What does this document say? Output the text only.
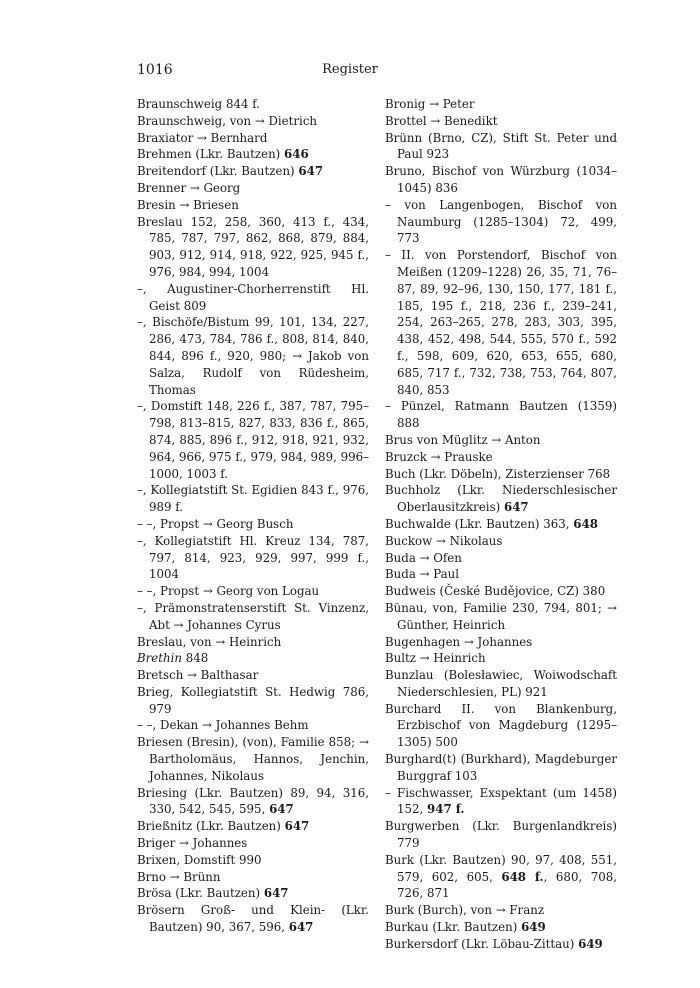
1016	Register

Braunschweig 844 f.

Braunschweig, von → Dietrich

Braxiator → Bernhard

Brehmen (Lkr. Bautzen) 646

Breitendorf (Lkr. Bautzen) 647

Brenner → Georg

Bresin → Briesen

Breslau 152, 258, 360, 413 f., 434, 785, 787, 797, 862, 868, 879, 884, 903, 912, 914, 918, 922, 925, 945 f., 976, 984, 994, 1004

–, Augustiner-Chorherrenstift Hl. Geist 809

–, Bischöfe/Bistum 99, 101, 134, 227, 286, 473, 784, 786 f., 808, 814, 840, 844, 896 f., 920, 980; → Jakob von Salza, Rudolf von Rüdesheim, Thomas

–, Domstift 148, 226 f., 387, 787, 795–798, 813–815, 827, 833, 836 f., 865, 874, 885, 896 f., 912, 918, 921, 932, 964, 966, 975 f., 979, 984, 989, 996–1000, 1003 f.

–, Kollegiatstift St. Egidien 843 f., 976, 989 f.

– –, Propst → Georg Busch

–, Kollegiatstift Hl. Kreuz 134, 787, 797, 814, 923, 929, 997, 999 f., 1004

– –, Propst → Georg von Logau

–, Prämonstratenserstift St. Vinzenz, Abt → Johannes Cyrus

Breslau, von → Heinrich

Brethin 848

Bretsch → Balthasar

Brieg, Kollegiatstift St. Hedwig 786, 979

– –, Dekan → Johannes Behm

Briesen (Bresin), (von), Familie 858; → Bartholomäus, Hannos, Jenchin, Johannes, Nikolaus

Briesing (Lkr. Bautzen) 89, 94, 316, 330, 542, 545, 595, 647

Brießnitz (Lkr. Bautzen) 647

Briger → Johannes

Brixen, Domstift 990

Brno → Brünn

Brösa (Lkr. Bautzen) 647

Brösern Groß- und Klein- (Lkr. Bautzen) 90, 367, 596, 647

Bronig → Peter

Brottel → Benedikt

Brünn (Brno, CZ), Stift St. Peter und Paul 923

Bruno, Bischof von Würzburg (1034–1045) 836

– von Langenbogen, Bischof von Naumburg (1285–1304) 72, 499, 773

– II. von Porstendorf, Bischof von Meißen (1209–1228) 26, 35, 71, 76–87, 89, 92–96, 130, 150, 177, 181 f., 185, 195 f., 218, 236 f., 239–241, 254, 263–265, 278, 283, 303, 395, 438, 452, 498, 544, 555, 570 f., 592 f., 598, 609, 620, 653, 655, 680, 685, 717 f., 732, 738, 753, 764, 807, 840, 853

– Pünzel, Ratmann Bautzen (1359) 888

Brus von Müglitz → Anton

Bruzck → Prauske

Buch (Lkr. Döbeln), Zisterzienser 768

Buchholz (Lkr. Niederschlesischer Oberlausitzkreis) 647

Buchwalde (Lkr. Bautzen) 363, 648

Buckow → Nikolaus

Buda → Ofen

Buda → Paul

Budweis (České Budějovice, CZ) 380

Bünau, von, Familie 230, 794, 801; → Günther, Heinrich

Bugenhagen → Johannes

Bultz → Heinrich

Bunzlau (Bolesławiec, Woiwodschaft Niederschlesien, PL) 921

Burchard II. von Blankenburg, Erzbischof von Magdeburg (1295–1305) 500

Burghard(t) (Burkhard), Magdeburger Burggraf 103

– Fischwasser, Exspektant (um 1458) 152, 947 f.

Burgwerben (Lkr. Burgenlandkreis) 779

Burk (Lkr. Bautzen) 90, 97, 408, 551, 579, 602, 605, 648 f., 680, 708, 726, 871

Burk (Burch), von → Franz

Burkau (Lkr. Bautzen) 649

Burkersdorf (Lkr. Löbau-Zittau) 649
